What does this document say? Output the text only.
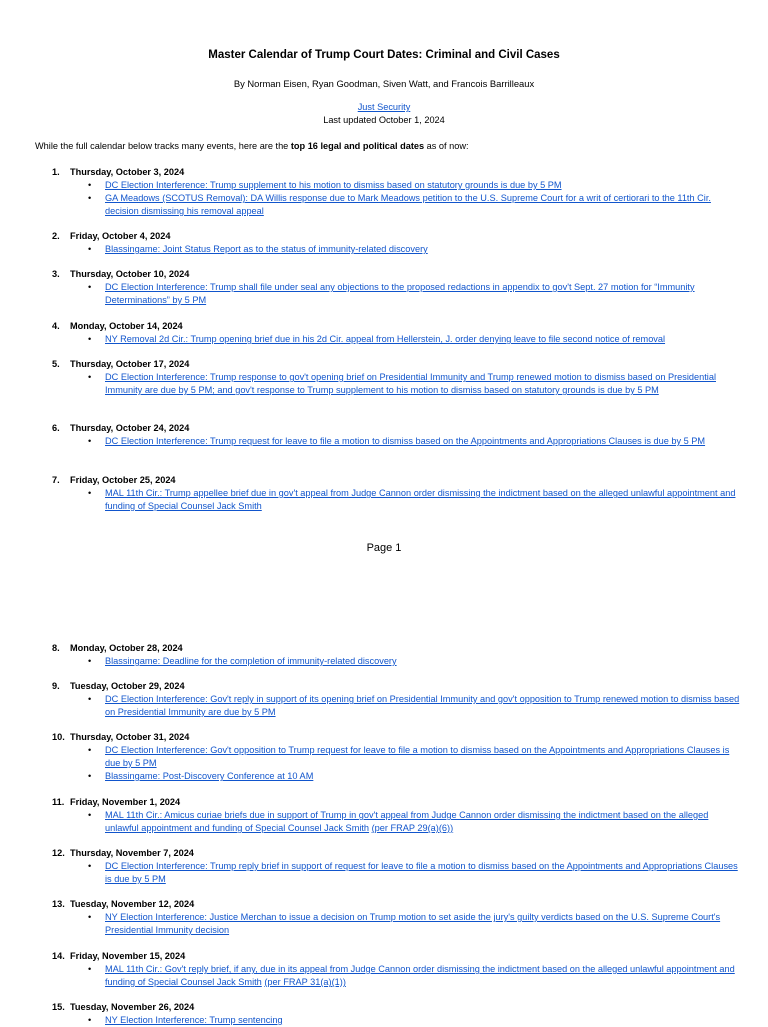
Master Calendar of Trump Court Dates: Criminal and Civil Cases
By Norman Eisen, Ryan Goodman, Siven Watt, and Francois Barrilleaux
Just Security
Last updated October 1, 2024
While the full calendar below tracks many events, here are the top 16 legal and political dates as of now:
1.	Thursday, October 3, 2024
• DC Election Interference: Trump supplement to his motion to dismiss based on statutory grounds is due by 5 PM
• GA Meadows (SCOTUS Removal): DA Willis response due to Mark Meadows petition to the U.S. Supreme Court for a writ of certiorari to the 11th Cir. decision dismissing his removal appeal
2.	Friday, October 4, 2024
• Blassingame: Joint Status Report as to the status of immunity-related discovery
3.	Thursday, October 10, 2024
• DC Election Interference: Trump shall file under seal any objections to the proposed redactions in appendix to gov't Sept. 27 motion for “Immunity Determinations” by 5 PM
4.	Monday, October 14, 2024
• NY Removal 2d Cir.: Trump opening brief due in his 2d Cir. appeal from Hellerstein, J. order denying leave to file second notice of removal
5.	Thursday, October 17, 2024
• DC Election Interference: Trump response to gov't opening brief on Presidential Immunity and Trump renewed motion to dismiss based on Presidential Immunity are due by 5 PM; and gov't response to Trump supplement to his motion to dismiss based on statutory grounds is due by 5 PM
6.	Thursday, October 24, 2024
• DC Election Interference: Trump request for leave to file a motion to dismiss based on the Appointments and Appropriations Clauses is due by 5 PM
7.	Friday, October 25, 2024
• MAL 11th Cir.: Trump appellee brief due in gov't appeal from Judge Cannon order dismissing the indictment based on the alleged unlawful appointment and funding of Special Counsel Jack Smith
8.	Monday, October 28, 2024
• Blassingame: Deadline for the completion of immunity-related discovery
9.	Tuesday, October 29, 2024
• DC Election Interference: Gov't reply in support of its opening brief on Presidential Immunity and gov't opposition to Trump renewed motion to dismiss based on Presidential Immunity are due by 5 PM
10. Thursday, October 31, 2024
• DC Election Interference: Gov't opposition to Trump request for leave to file a motion to dismiss based on the Appointments and Appropriations Clauses is due by 5 PM
• Blassingame: Post-Discovery Conference at 10 AM
11. Friday, November 1, 2024
• MAL 11th Cir.: Amicus curiae briefs due in support of Trump in gov't appeal from Judge Cannon order dismissing the indictment based on the alleged unlawful appointment and funding of Special Counsel Jack Smith (per FRAP 29(a)(6))
12. Thursday, November 7, 2024
• DC Election Interference: Trump reply brief in support of request for leave to file a motion to dismiss based on the Appointments and Appropriations Clauses is due by 5 PM
13. Tuesday, November 12, 2024
• NY Election Interference: Justice Merchan to issue a decision on Trump motion to set aside the jury's guilty verdicts based on the U.S. Supreme Court's Presidential Immunity decision
14. Friday, November 15, 2024
• MAL 11th Cir.: Gov't reply brief, if any, due in its appeal from Judge Cannon order dismissing the indictment based on the alleged unlawful appointment and funding of Special Counsel Jack Smith (per FRAP 31(a)(1))
15. Tuesday, November 26, 2024
• NY Election Interference: Trump sentencing
Page 1
